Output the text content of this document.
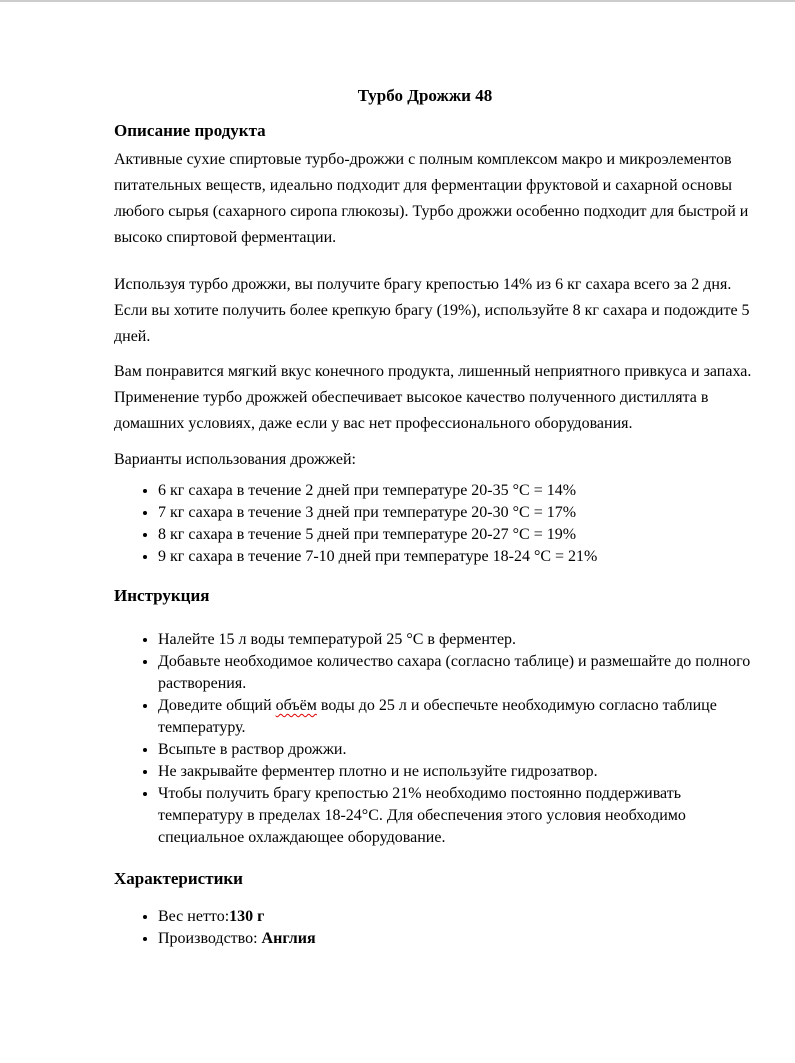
Турбо Дрожжи 48
Описание продукта

Активные сухие спиртовые турбо-дрожжи с полным комплексом макро и микроэлементов питательных веществ, идеально подходит для ферментации фруктовой и сахарной основы любого сырья (сахарного сиропа глюкозы). Турбо дрожжи особенно подходит для быстрой и высоко спиртовой ферментации.

Используя турбо дрожжи, вы получите брагу крепостью 14% из 6 кг сахара всего за 2 дня. Если вы хотите получить более крепкую брагу (19%), используйте 8 кг сахара и подождите 5 дней.

Вам понравится мягкий вкус конечного продукта, лишенный неприятного привкуса и запаха. Применение турбо дрожжей обеспечивает высокое качество полученного дистиллята в домашних условиях, даже если у вас нет профессионального оборудования.

Варианты использования дрожжей:

• 6 кг сахара в течение 2 дней при температуре 20-35 °С = 14%
• 7 кг сахара в течение 3 дней при температуре 20-30 °С = 17%
• 8 кг сахара в течение 5 дней при температуре 20-27 °С = 19%
• 9 кг сахара в течение 7-10 дней при температуре 18-24 °С = 21%
Инструкция
• Налейте 15 л воды температурой 25 °С в ферментер.
• Добавьте необходимое количество сахара (согласно таблице) и размешайте до полного растворения.
• Доведите общий объём воды до 25 л и обеспечьте необходимую согласно таблице температуру.
• Всыпьте в раствор дрожжи.
• Не закрывайте ферментер плотно и не используйте гидрозатвор.
• Чтобы получить брагу крепостью 21% необходимо постоянно поддерживать температуру в пределах 18-24°С. Для обеспечения этого условия необходимо специальное охлаждающее оборудование.
Характеристики
• Вес нетто:130 г
• Производство: Англия
